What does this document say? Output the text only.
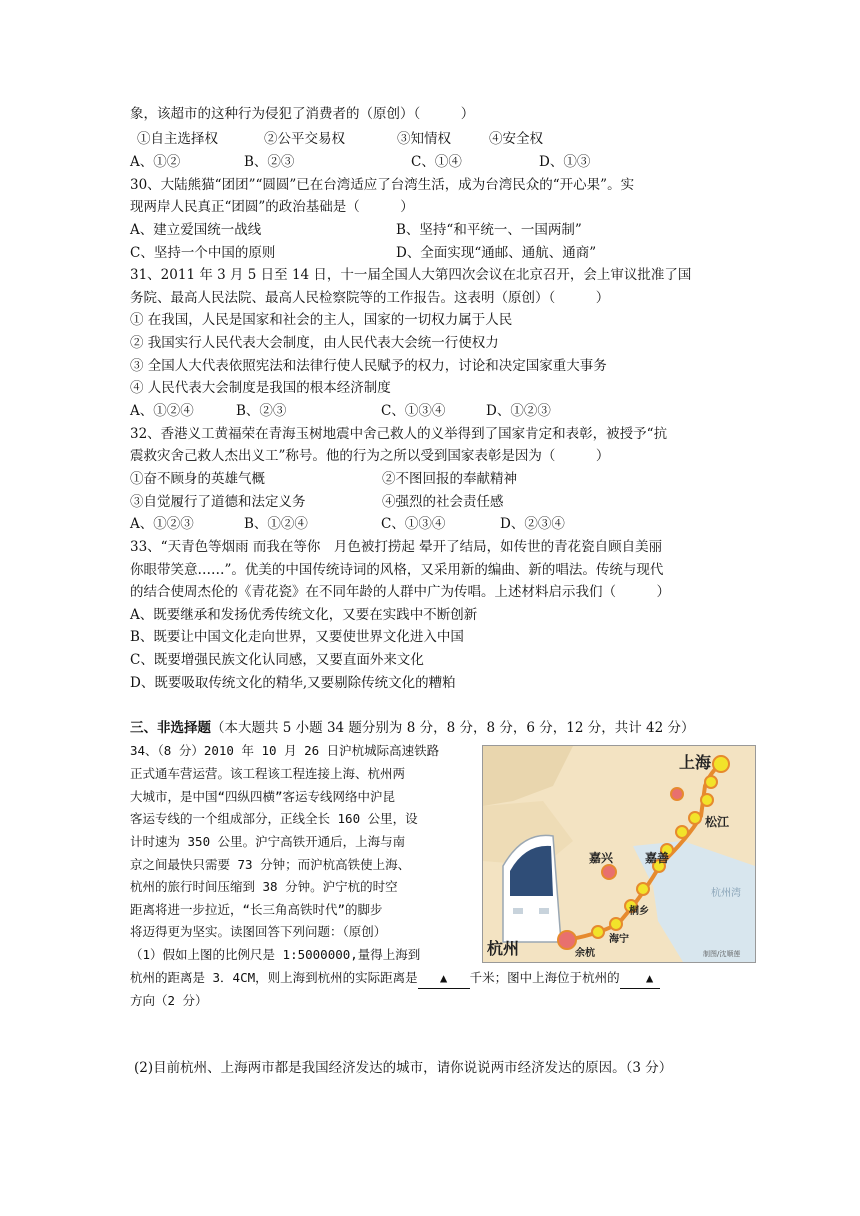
象，该超市的这种行为侵犯了消费者的（原创）（　　　）
①自主选择权	②公平交易权	③知情权	④安全权
A、①②	B、②③	C、①④	D、①③
30、大陆熊猫“团团”“圆圆”已在台湾适应了台湾生活，成为台湾民众的“开心果”。实
现两岸人民真正“团圆”的政治基础是（　　　）
A、建立爱国统一战线	B、坚持“和平统一、一国两制”
C、坚持一个中国的原则	D、全面实现“通邮、通航、通商”
31、2011 年 3 月 5 日至 14 日，十一届全国人大第四次会议在北京召开，会上审议批准了国
务院、最高人民法院、最高人民检察院等的工作报告。这表明（原创）（　　　）
① 在我国，人民是国家和社会的主人，国家的一切权力属于人民
② 我国实行人民代表大会制度，由人民代表大会统一行使权力
③ 全国人大代表依照宪法和法律行使人民赋予的权力，讨论和决定国家重大事务
④ 人民代表大会制度是我国的根本经济制度
A、①②④	B、②③	C、①③④	D、①②③
32、香港义工黄福荣在青海玉树地震中舍己救人的义举得到了国家肯定和表彰，被授予“抗
震救灾舍己救人杰出义工”称号。他的行为之所以受到国家表彰是因为（　　　）
①奋不顾身的英雄气概	②不图回报的奉献精神
③自觉履行了道德和法定义务	④强烈的社会责任感
A、①②③	B、①②④	C、①③④	D、②③④
33、“天青色等烟雨 而我在等你　月色被打捞起 晕开了结局，如传世的青花瓷自顾自美丽
你眼带笑意……”。优美的中国传统诗词的风格，又采用新的编曲、新的唱法。传统与现代
的结合使周杰伦的《青花瓷》在不同年龄的人群中广为传唱。上述材料启示我们（　　　）
A、既要继承和发扬优秀传统文化，又要在实践中不断创新
B、既要让中国文化走向世界，又要使世界文化进入中国
C、既要增强民族文化认同感，又要直面外来文化
D、既要吸取传统文化的精华,又要剔除传统文化的糟粕
三、非选择题（本大题共 5 小题 34 题分别为 8 分，8 分，8 分，6 分，12 分，共计 42 分）
34、（8 分）2010 年 10 月 26 日沪杭城际高速铁路
正式通车营运营。该工程该工程连接上海、杭州两
大城市，是中国“四纵四横”客运专线网络中沪昆
客运专线的一个组成部分，正线全长 160 公里，设
计时速为 350 公里。沪宁高铁开通后，上海与南
京之间最快只需要 73 分钟；而沪杭高铁使上海、
杭州的旅行时间压缩到 38 分钟。沪宁杭的时空
距离将进一步拉近，“长三角高铁时代”的脚步
将迈得更为坚实。读图回答下列问题：（原创）
上海
松江
嘉兴	嘉善
桐乡
海宁
杭州	余杭
杭州湾
制图/沈顺莲
（1）假如上图的比例尺是 1:5000000,量得上海到
杭州的距离是 3．4CM，则上海到杭州的实际距离是 ▲ 千米；图中上海位于杭州的 ▲
方向（2 分）
(2)目前杭州、上海两市都是我国经济发达的城市，请你说说两市经济发达的原因。（3 分）
